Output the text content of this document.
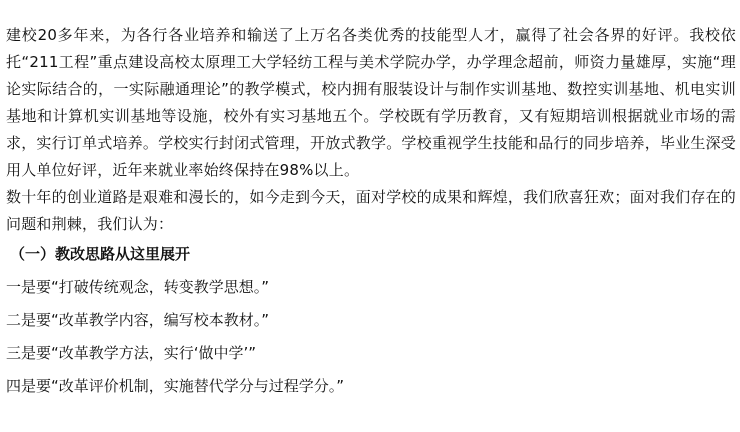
建校20多年来，为各行各业培养和输送了上万名各类优秀的技能型人才，赢得了社会各界的好评。我校依托“211工程”重点建设高校太原理工大学轻纺工程与美术学院办学，办学理念超前，师资力量雄厚，实施“理论实际结合的，一实际融通理论”的教学模式，校内拥有服装设计与制作实训基地、数控实训基地、机电实训基地和计算机实训基地等设施，校外有实习基地五个。学校既有学历教育，又有短期培训根据就业市场的需求，实行订单式培养。学校实行封闭式管理，开放式教学。学校重视学生技能和品行的同步培养，毕业生深受用人单位好评，近年来就业率始终保持在98%以上。

数十年的创业道路是艰难和漫长的，如今走到今天，面对学校的成果和辉煌，我们欣喜狂欢；面对我们存在的问题和荆棘，我们认为：

（一）教改思路从这里展开

一是要“打破传统观念，转变教学思想。”

二是要“改革教学内容，编写校本教材。”

三是要“改革教学方法，实行‘做中学’”

四是要“改革评价机制，实施替代学分与过程学分。”
